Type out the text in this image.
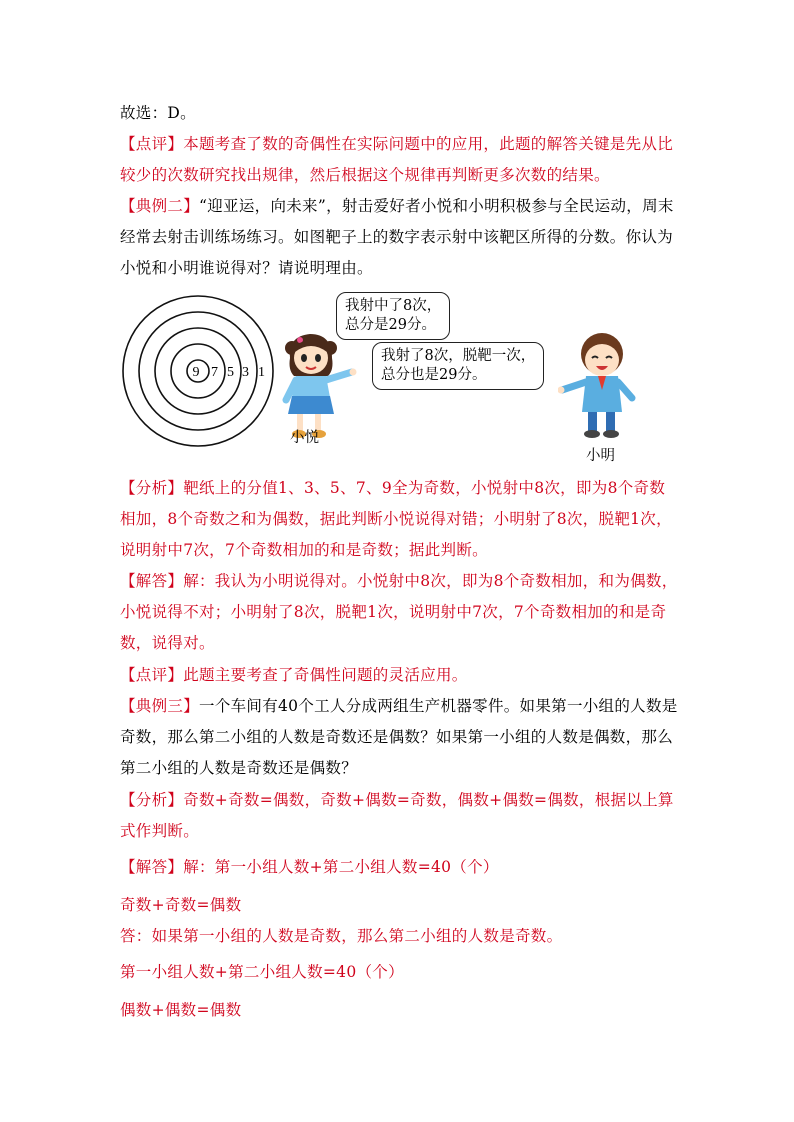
故选：D。

【点评】本题考查了数的奇偶性在实际问题中的应用，此题的解答关键是先从比较少的次数研究找出规律，然后根据这个规律再判断更多次数的结果。

【典例二】“迎亚运，向未来”，射击爱好者小悦和小明积极参与全民运动，周末经常去射击训练场练习。如图靶子上的数字表示射中该靶区所得的分数。你认为小悦和小明谁说得对？请说明理由。

9 7 5 3 1
小悦
我射中了8次，
总分是29分。
我射了8次，脱靶一次，
总分也是29分。
小明

【分析】靶纸上的分值1、3、5、7、9全为奇数，小悦射中8次，即为8个奇数相加，8个奇数之和为偶数，据此判断小悦说得对错；小明射了8次，脱靶1次，说明射中7次，7个奇数相加的和是奇数；据此判断。

【解答】解：我认为小明说得对。小悦射中8次，即为8个奇数相加，和为偶数，小悦说得不对；小明射了8次，脱靶1次，说明射中7次，7个奇数相加的和是奇数，说得对。

【点评】此题主要考查了奇偶性问题的灵活应用。

【典例三】一个车间有40个工人分成两组生产机器零件。如果第一小组的人数是奇数，那么第二小组的人数是奇数还是偶数？如果第一小组的人数是偶数，那么第二小组的人数是奇数还是偶数？

【分析】奇数+奇数=偶数，奇数+偶数=奇数，偶数+偶数=偶数，根据以上算式作判断。

【解答】解：第一小组人数+第二小组人数=40（个）

奇数+奇数=偶数

答：如果第一小组的人数是奇数，那么第二小组的人数是奇数。

第一小组人数+第二小组人数=40（个）

偶数+偶数=偶数
